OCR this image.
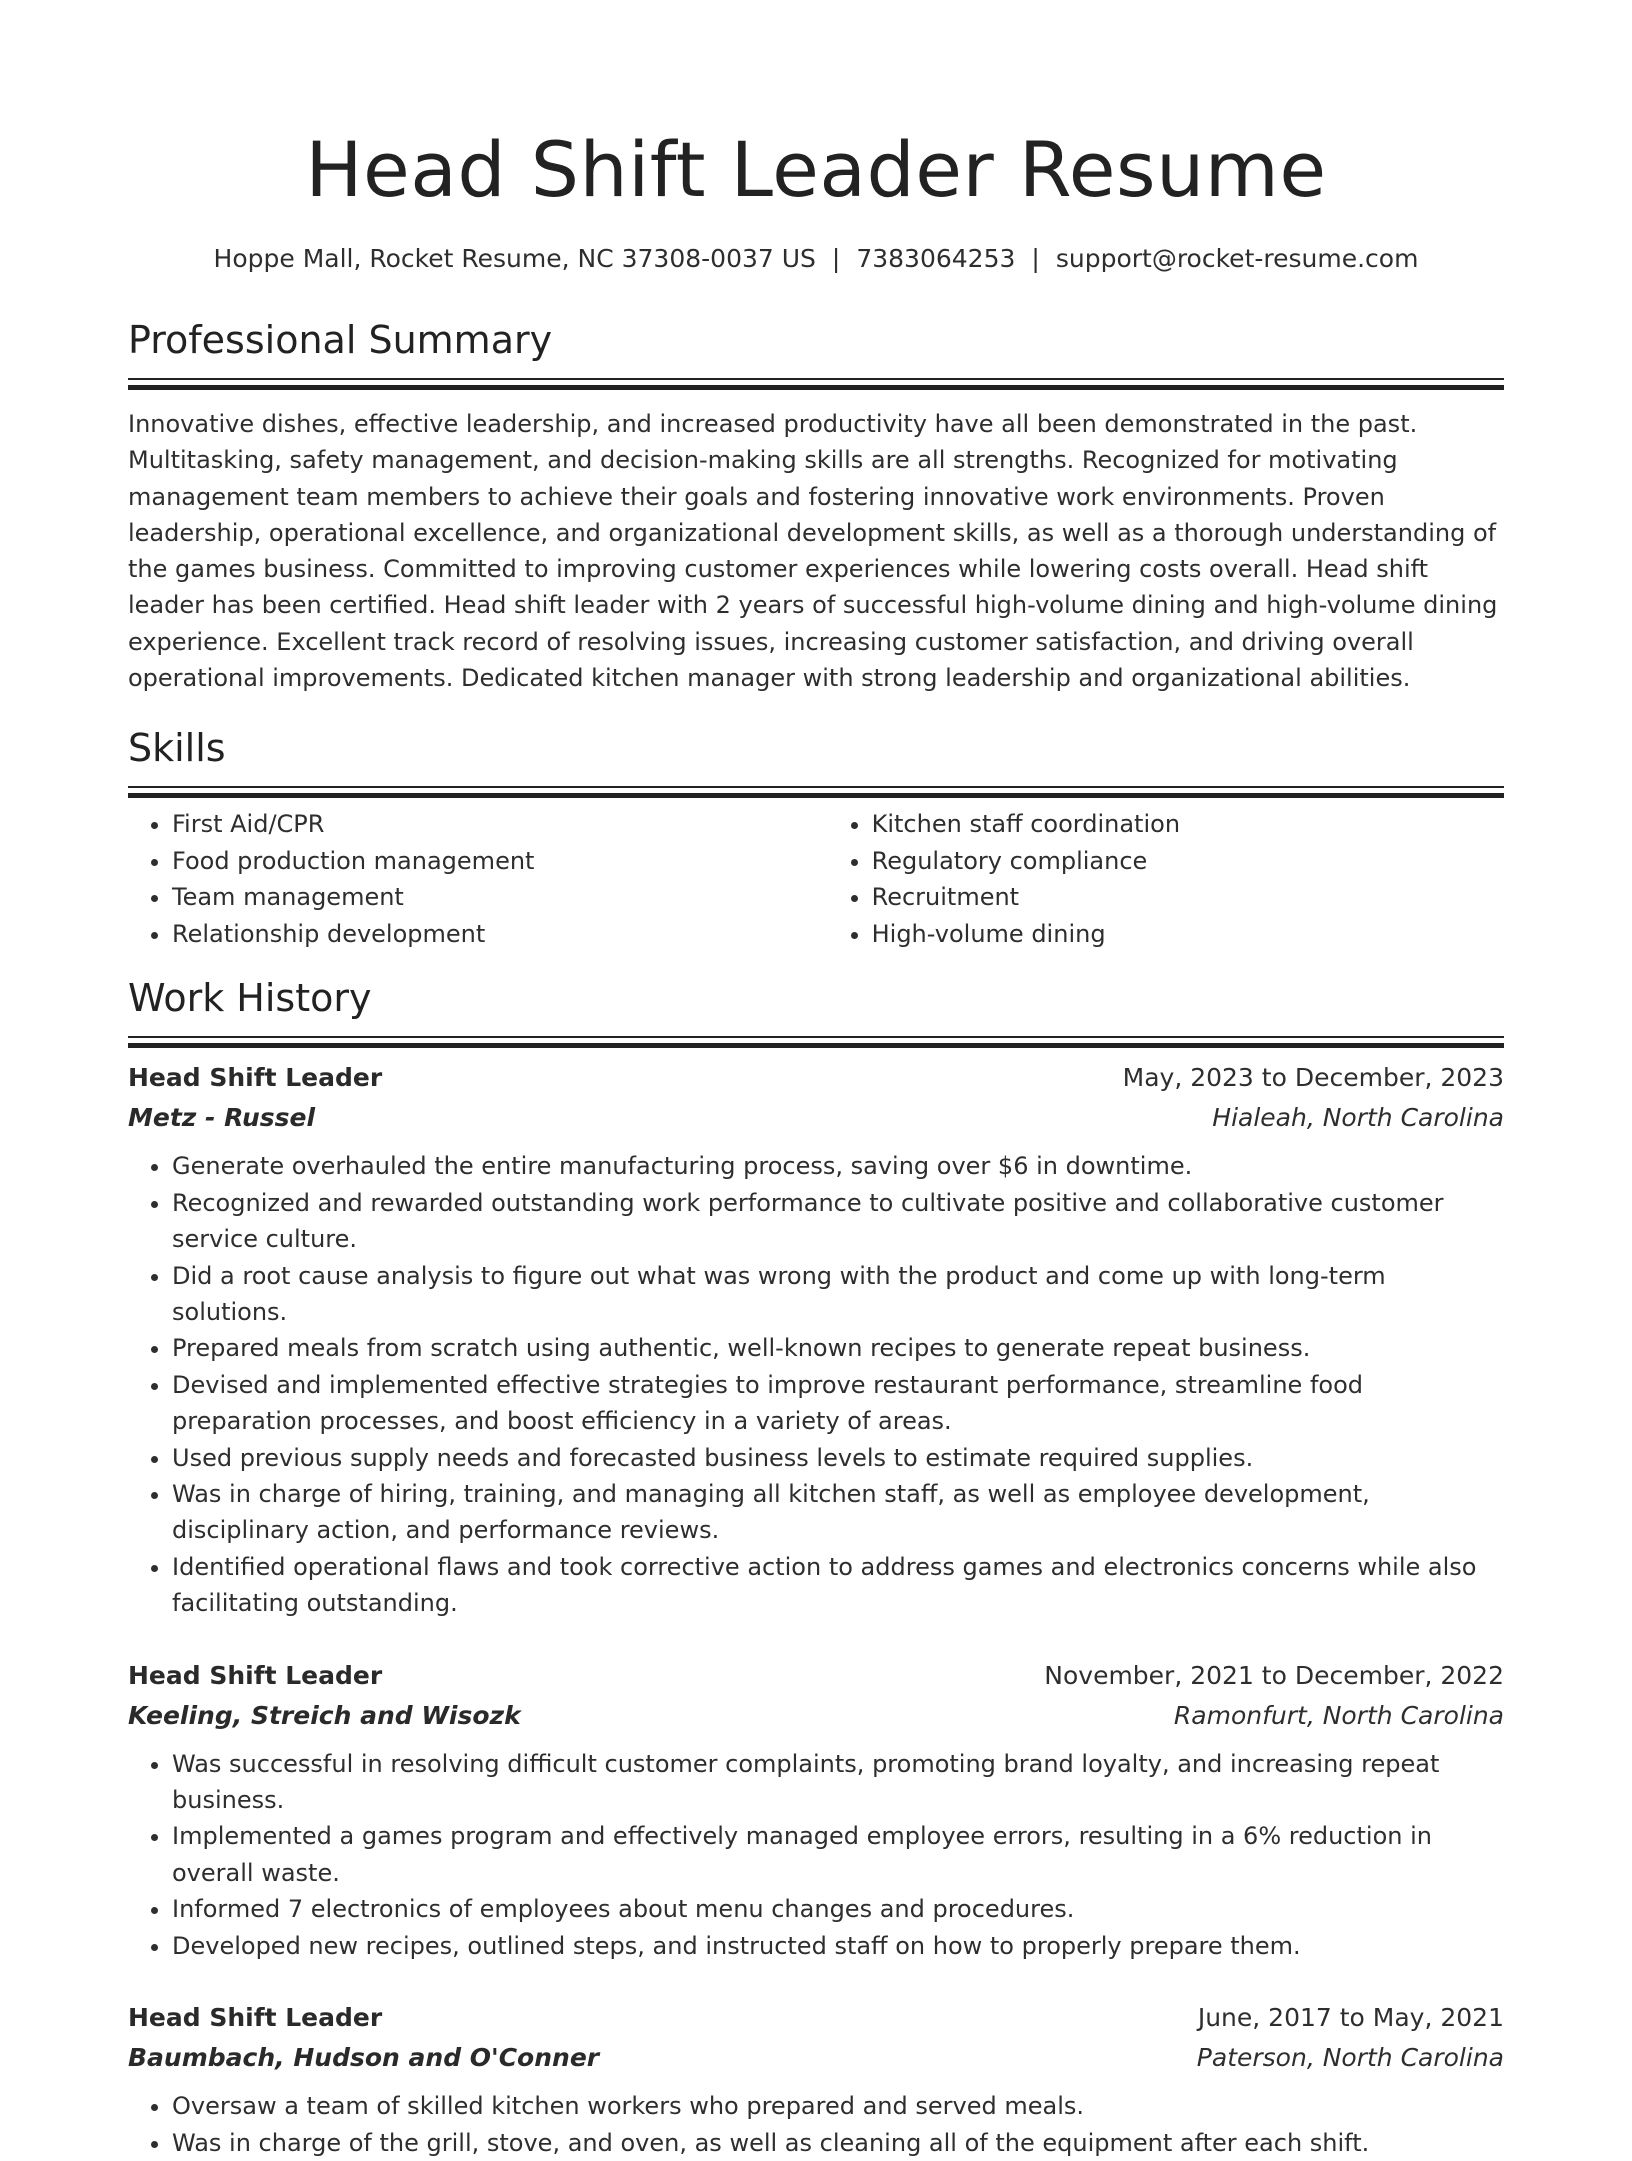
Head Shift Leader Resume
Hoppe Mall, Rocket Resume, NC 37308-0037 US | 7383064253 | support@rocket-resume.com
Professional Summary

Innovative dishes, effective leadership, and increased productivity have all been demonstrated in the past. Multitasking, safety management, and decision-making skills are all strengths. Recognized for motivating management team members to achieve their goals and fostering innovative work environments. Proven leadership, operational excellence, and organizational development skills, as well as a thorough understanding of the games business. Committed to improving customer experiences while lowering costs overall. Head shift leader has been certified. Head shift leader with 2 years of successful high-volume dining and high-volume dining experience. Excellent track record of resolving issues, increasing customer satisfaction, and driving overall operational improvements. Dedicated kitchen manager with strong leadership and organizational abilities.

Skills
• First Aid/CPR
• Food production management
• Team management
• Relationship development
• Kitchen staff coordination
• Regulatory compliance
• Recruitment
• High-volume dining
Work History
Head Shift Leader	May, 2023 to December, 2023
Metz - Russel	Hialeah, North Carolina
• Generate overhauled the entire manufacturing process, saving over $6 in downtime.
• Recognized and rewarded outstanding work performance to cultivate positive and collaborative customer service culture.
• Did a root cause analysis to figure out what was wrong with the product and come up with long-term solutions.
• Prepared meals from scratch using authentic, well-known recipes to generate repeat business.
• Devised and implemented effective strategies to improve restaurant performance, streamline food preparation processes, and boost efficiency in a variety of areas.
• Used previous supply needs and forecasted business levels to estimate required supplies.
• Was in charge of hiring, training, and managing all kitchen staff, as well as employee development, disciplinary action, and performance reviews.
• Identified operational flaws and took corrective action to address games and electronics concerns while also facilitating outstanding.
Head Shift Leader	November, 2021 to December, 2022
Keeling, Streich and Wisozk	Ramonfurt, North Carolina
• Was successful in resolving difficult customer complaints, promoting brand loyalty, and increasing repeat business.
• Implemented a games program and effectively managed employee errors, resulting in a 6% reduction in overall waste.
• Informed 7 electronics of employees about menu changes and procedures.
• Developed new recipes, outlined steps, and instructed staff on how to properly prepare them.
Head Shift Leader	June, 2017 to May, 2021
Baumbach, Hudson and O'Conner	Paterson, North Carolina
• Oversaw a team of skilled kitchen workers who prepared and served meals.
• Was in charge of the grill, stove, and oven, as well as cleaning all of the equipment after each shift.
